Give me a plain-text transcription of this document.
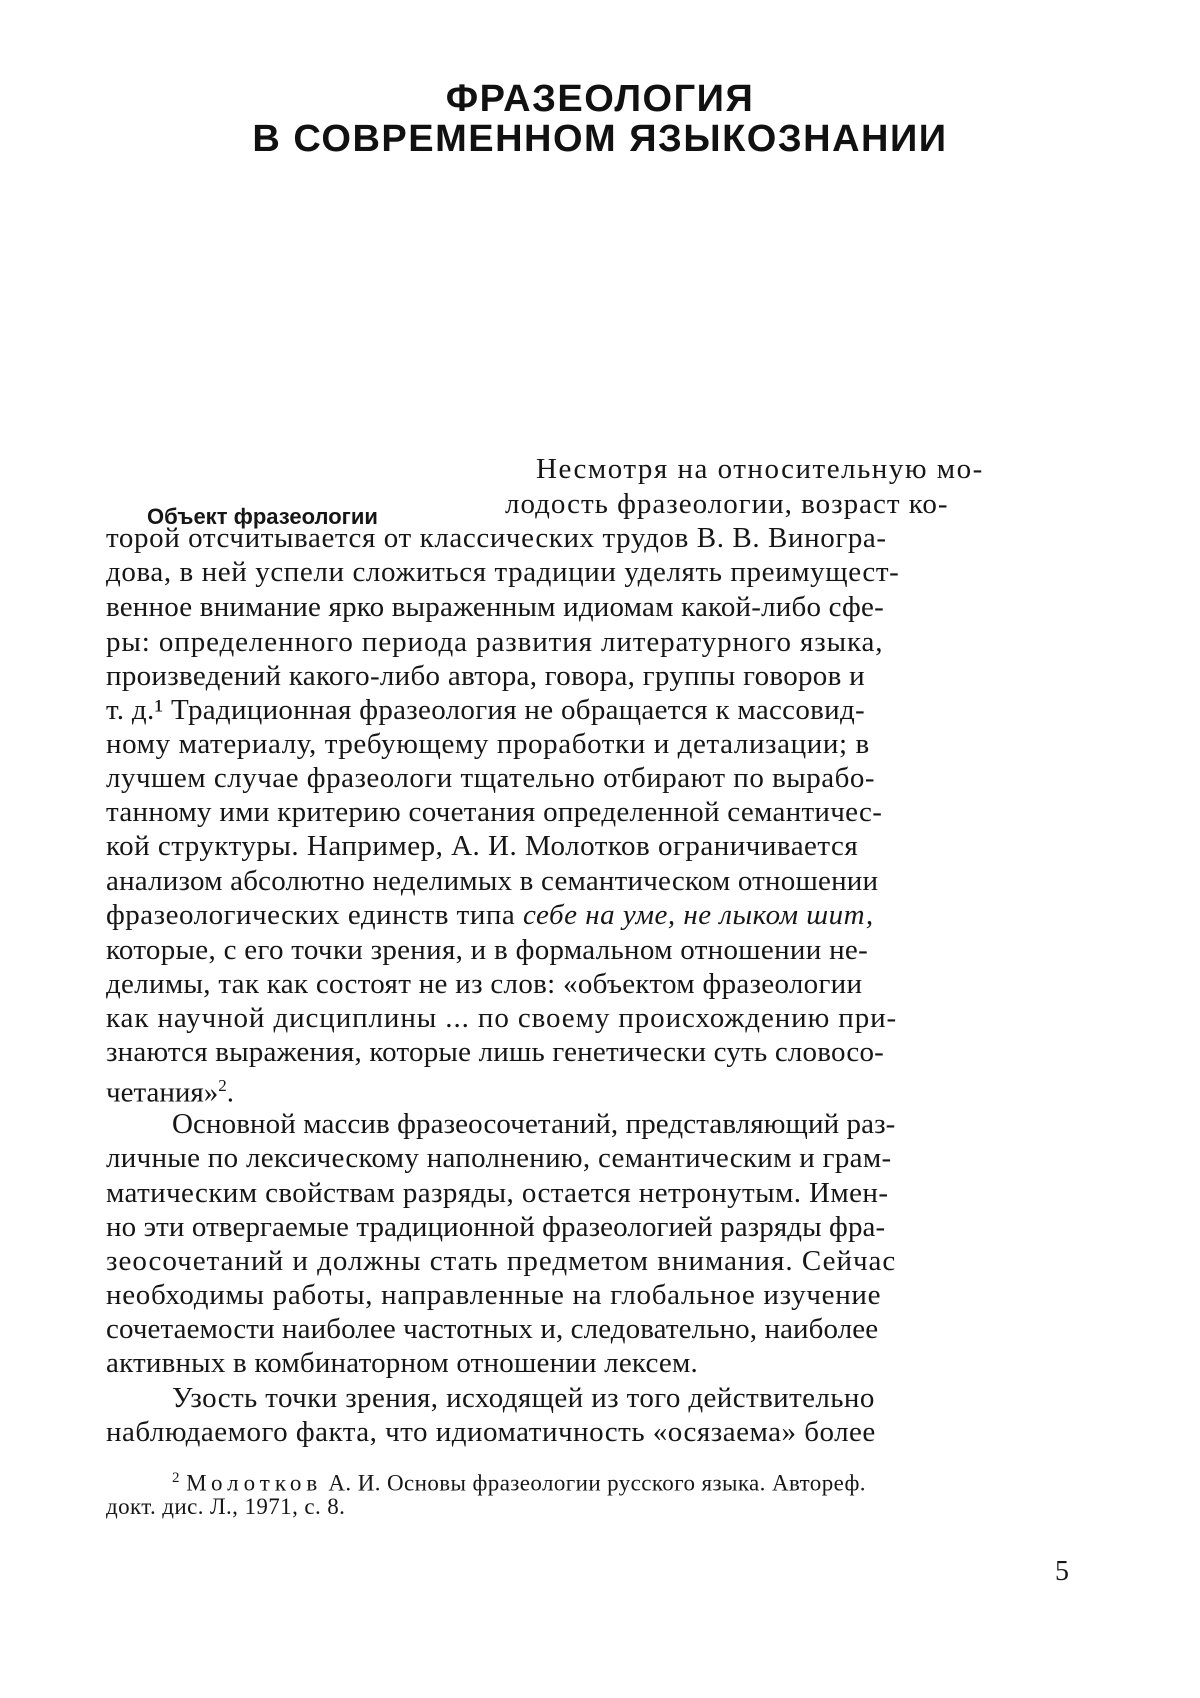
ФРАЗЕОЛОГИЯ
В СОВРЕМЕННОМ ЯЗЫКОЗНАНИИ
Объект фразеологии
Несмотря на относительную мо-
лодость фразеологии, возраст ко-
торой отсчитывается от классических трудов В. В. Виногра-
дова, в ней успели сложиться традиции уделять преимущест-
венное внимание ярко выраженным идиомам какой-либо сфе-
ры: определенного периода развития литературного языка,
произведений какого-либо автора, говора, группы говоров и
т. д.¹ Традиционная фразеология не обращается к массовид-
ному материалу, требующему проработки и детализации; в
лучшем случае фразеологи тщательно отбирают по вырабо-
танному ими критерию сочетания определенной семантичес-
кой структуры. Например, А. И. Молотков ограничивается
анализом абсолютно неделимых в семантическом отношении
фразеологических единств типа себе на уме, не лыком шит,
которые, с его точки зрения, и в формальном отношении не-
делимы, так как состоят не из слов: «объектом фразеологии
как научной дисциплины ... по своему происхождению при-
знаются выражения, которые лишь генетически суть словосо-
четания»$^2$.
Основной массив фразеосочетаний, представляющий раз-
личные по лексическому наполнению, семантическим и грам-
матическим свойствам разряды, остается нетронутым. Имен-
но эти отвергаемые традиционной фразеологией разряды фра-
зеосочетаний и должны стать предметом внимания. Сейчас
необходимы работы, направленные на глобальное изучение
сочетаемости наиболее частотных и, следовательно, наиболее
активных в комбинаторном отношении лексем.
Узость точки зрения, исходящей из того действительно
наблюдаемого факта, что идиоматичность «осязаема» более
$^2$ Молотков А. И. Основы фразеологии русского языка. Автореф.
докт. дис. Л., 1971, с. 8.
5
